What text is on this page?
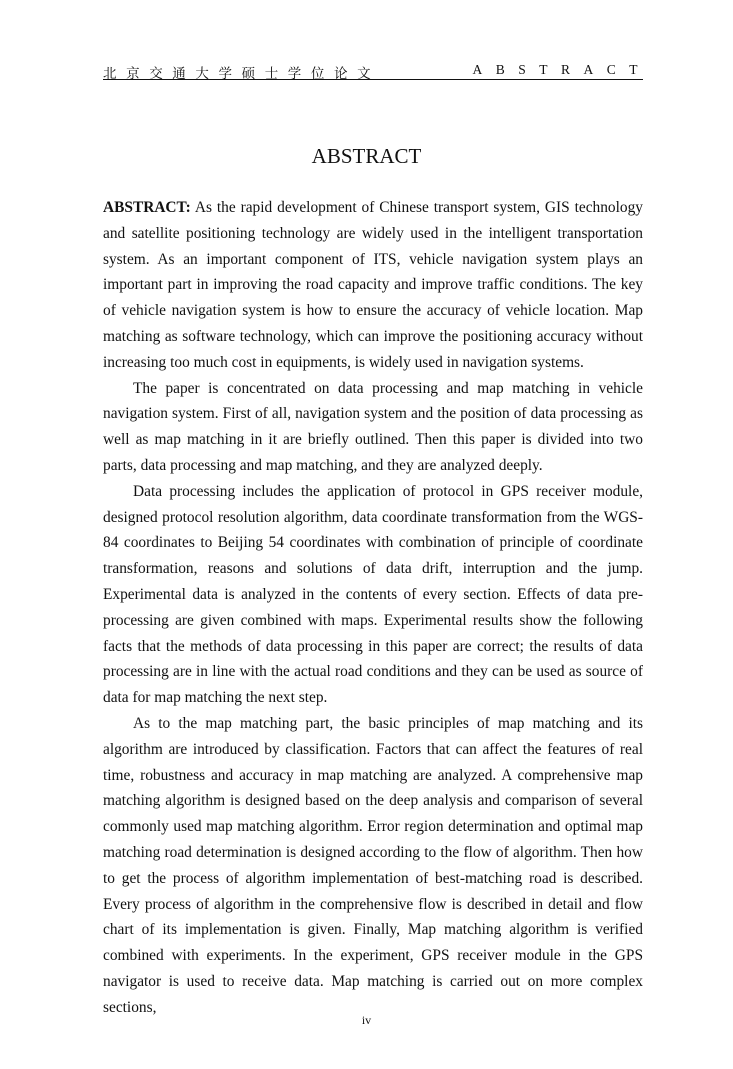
北京交通大学硕士学位论文	ABSTRACT
ABSTRACT

ABSTRACT: As the rapid development of Chinese transport system, GIS technology and satellite positioning technology are widely used in the intelligent transportation system. As an important component of ITS, vehicle navigation system plays an important part in improving the road capacity and improve traffic conditions. The key of vehicle navigation system is how to ensure the accuracy of vehicle location. Map matching as software technology, which can improve the positioning accuracy without increasing too much cost in equipments, is widely used in navigation systems.

The paper is concentrated on data processing and map matching in vehicle navigation system. First of all, navigation system and the position of data processing as well as map matching in it are briefly outlined. Then this paper is divided into two parts, data processing and map matching, and they are analyzed deeply.

Data processing includes the application of protocol in GPS receiver module, designed protocol resolution algorithm, data coordinate transformation from the WGS-84 coordinates to Beijing 54 coordinates with combination of principle of coordinate transformation, reasons and solutions of data drift, interruption and the jump. Experimental data is analyzed in the contents of every section. Effects of data pre-processing are given combined with maps. Experimental results show the following facts that the methods of data processing in this paper are correct; the results of data processing are in line with the actual road conditions and they can be used as source of data for map matching the next step.

As to the map matching part, the basic principles of map matching and its algorithm are introduced by classification. Factors that can affect the features of real time, robustness and accuracy in map matching are analyzed. A comprehensive map matching algorithm is designed based on the deep analysis and comparison of several commonly used map matching algorithm. Error region determination and optimal map matching road determination is designed according to the flow of algorithm. Then how to get the process of algorithm implementation of best-matching road is described. Every process of algorithm in the comprehensive flow is described in detail and flow chart of its implementation is given. Finally, Map matching algorithm is verified combined with experiments. In the experiment, GPS receiver module in the GPS navigator is used to receive data. Map matching is carried out on more complex sections,

iv
